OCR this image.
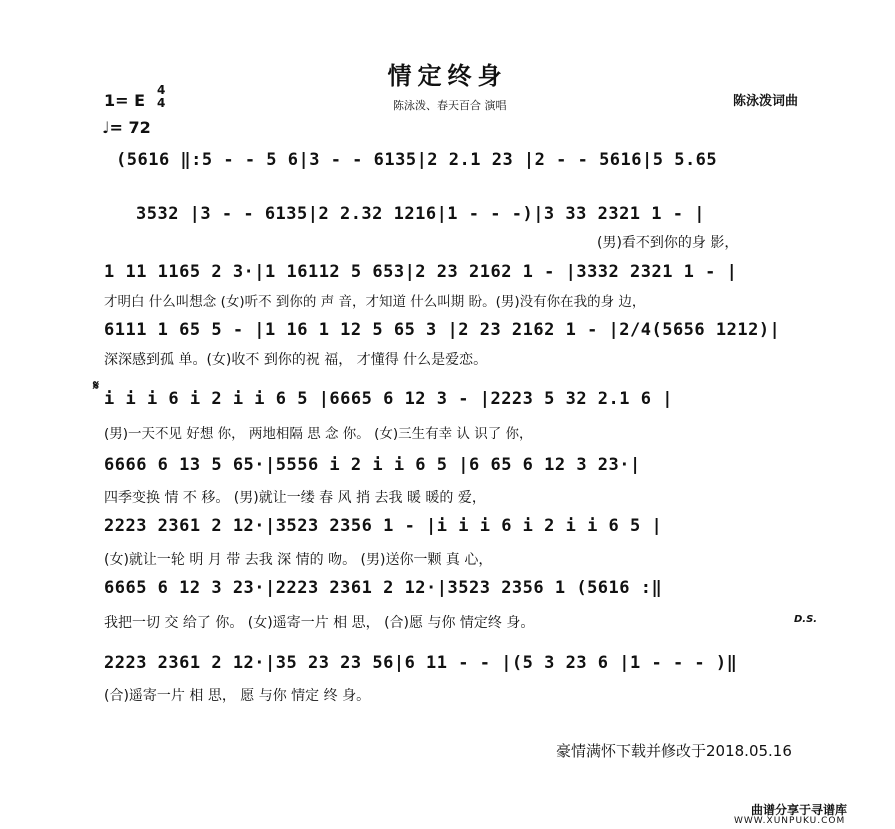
情定终身
陈泳泼、春天百合 演唱	陈泳泼词曲
1= E
4
4
♩= 72
𝄋
D.S.
(5616 ‖:5 - - 5 6|3 - - 6135|2 2.1 23 |2 - - 5616|5 5.65
3532 |3 - - 6135|2 2.32 1216|1 - - -)|3 33 2321 1 - |
(男)看不到你的身 影，
1 11 1165 2 3·|1 16112 5 653|2 23 2162 1 - |3332 2321 1 - |
才明白 什么叫想念 (女)听不 到你的 声 音，才知道 什么叫期 盼。(男)没有你在我的身 边，
6111 1 65 5 - |1 16 1 12 5 65 3 |2 23 2162 1 - |2/4(5656 1212)|
深深感到孤 单。(女)收不 到你的祝 福， 才懂得 什么是爱恋。
i i i 6 i 2 i i 6 5 |6665 6 12 3 - |2223 5 32 2.1 6 |
(男)一天不见 好想 你， 两地相隔 思 念 你。 (女)三生有幸 认 识了 你，
6666 6 13 5 65·|5556 i 2 i i 6 5 |6 65 6 12 3 23·|
四季变换 情 不 移。 (男)就让一缕 春 风 捎 去我 暖 暖的 爱，
2223 2361 2 12·|3523 2356 1 - |i i i 6 i 2 i i 6 5 |
(女)就让一轮 明 月 带 去我 深 情的 吻。 (男)送你一颗 真 心，
6665 6 12 3 23·|2223 2361 2 12·|3523 2356 1 (5616 :‖
我把一切 交 给了 你。 (女)遥寄一片 相 思， (合)愿 与你 情定终 身。
2223 2361 2 12·|35 23 23 56|6 11 - - |(5 3 23 6 |1 - - - )‖
(合)遥寄一片 相 思， 愿 与你 情定 终 身。
豪情满怀下载并修改于2018.05.16
曲谱分享于寻谱库
WWW.XUNPUKU.COM
